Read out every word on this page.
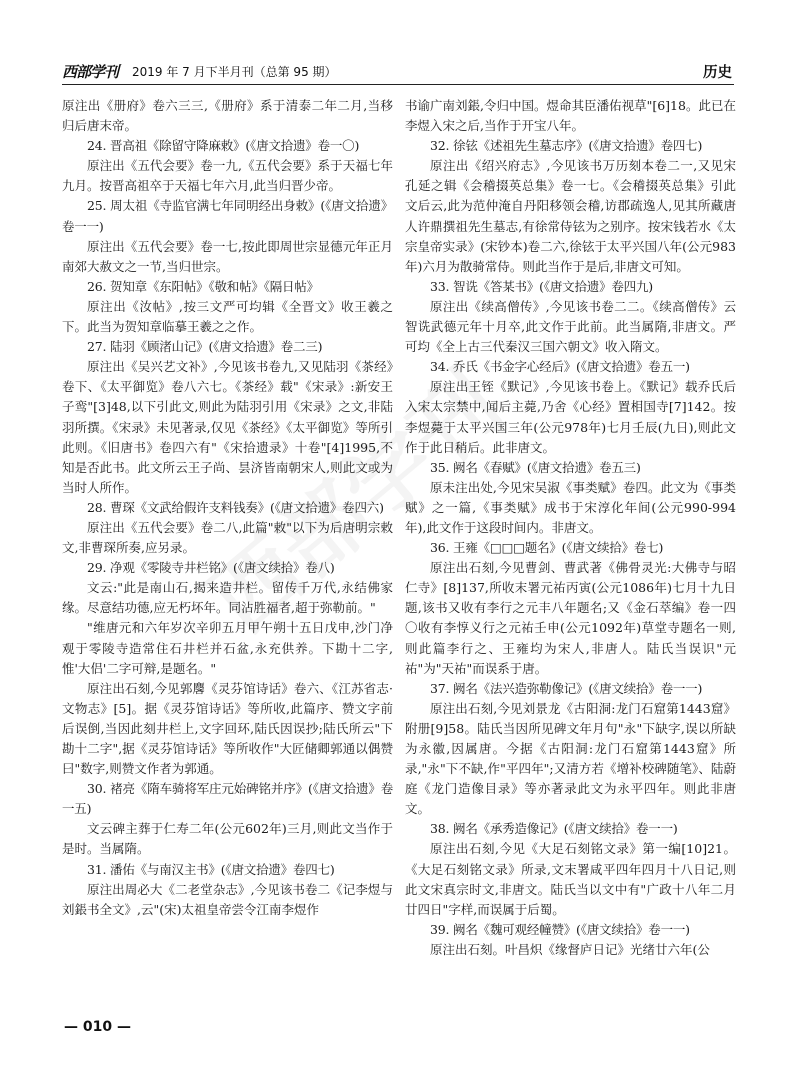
西部学刊 2019 年 7 月下半月刊（总第 95 期）	历史

原注出《册府》卷六三三,《册府》系于清泰二年二月,当移归后唐末帝。

24. 晋高祖《除留守降麻敕》(《唐文拾遗》卷一〇)

原注出《五代会要》卷一九,《五代会要》系于天福七年九月。按晋高祖卒于天福七年六月,此当归晋少帝。

25. 周太祖《寺监官满七年同明经出身敕》(《唐文拾遗》卷一一)

原注出《五代会要》卷一七,按此即周世宗显德元年正月南郊大赦文之一节,当归世宗。

26. 贺知章《东阳帖》《敬和帖》《隔日帖》

原注出《汝帖》,按三文严可均辑《全晋文》收王羲之下。此当为贺知章临摹王羲之之作。

27. 陆羽《顾渚山记》(《唐文拾遗》卷二三)

原注出《吴兴艺文补》,今见该书卷九,又见陆羽《茶经》卷下、《太平御览》卷八六七。《茶经》载"《宋录》:新安王子鸾"[3]48,以下引此文,则此为陆羽引用《宋录》之文,非陆羽所撰。《宋录》未见著录,仅见《茶经》《太平御览》等所引此则。《旧唐书》卷四六有"《宋拾遗录》十卷"[4]1995,不知是否此书。此文所云王子尚、昙济皆南朝宋人,则此文或为当时人所作。

28. 曹琛《文武给假许支料钱奏》(《唐文拾遗》卷四六)

原注出《五代会要》卷二八,此篇"敕"以下为后唐明宗敕文,非曹琛所奏,应另录。

29. 净观《零陵寺井栏铭》(《唐文续拾》卷八)

文云:"此是南山石,揭来造井栏。留传千万代,永结佛家缘。尽意结功德,应无朽坏年。同沾胜福者,超于弥勒前。"

"维唐元和六年岁次辛卯五月甲午朔十五日戊申,沙门净观于零陵寺造常住石井栏并石盆,永充供养。下勘十二字,惟'大侣'二字可辩,是题名。"

原注出石刻,今见郭麐《灵芬馆诗话》卷六、《江苏省志·文物志》[5]。据《灵芬馆诗话》等所收,此篇序、赞文字前后误倒,当因此刻井栏上,文字回环,陆氏因误抄;陆氏所云"下勘十二字",据《灵芬馆诗话》等所收作"大匠储卿郭通以偶赞曰"数字,则赞文作者为郭通。

30. 褚亮《隋车骑将军庄元始碑铭并序》(《唐文拾遗》卷一五)

文云碑主葬于仁寿二年(公元602年)三月,则此文当作于是时。当属隋。

31. 潘佑《与南汉主书》(《唐文拾遗》卷四七)

原注出周必大《二老堂杂志》,今见该书卷二《记李煜与刘鋹书全文》,云"(宋)太祖皇帝尝令江南李煜作

书谕广南刘鋹,令归中国。煜命其臣潘佑视草"[6]18。此已在李煜入宋之后,当作于开宝八年。

32. 徐铉《述祖先生墓志序》(《唐文拾遗》卷四七)

原注出《绍兴府志》,今见该书万历刻本卷二一,又见宋孔延之辑《会稽掇英总集》卷一七。《会稽掇英总集》引此文后云,此为范仲淹自丹阳移领会稽,访郡疏逸人,见其所藏唐人许鼎撰祖先生墓志,有徐常侍铉为之别序。按宋钱若水《太宗皇帝实录》(宋钞本)卷二六,徐铉于太平兴国八年(公元983年)六月为散骑常侍。则此当作于是后,非唐文可知。

33. 智诜《答某书》(《唐文拾遗》卷四九)

原注出《续高僧传》,今见该书卷二二。《续高僧传》云智诜武德元年十月卒,此文作于此前。此当属隋,非唐文。严可均《全上古三代秦汉三国六朝文》收入隋文。

34. 乔氏《书金字心经后》(《唐文拾遗》卷五一)

原注出王铚《默记》,今见该书卷上。《默记》载乔氏后入宋太宗禁中,闻后主薨,乃舍《心经》置相国寺[7]142。按李煜薨于太平兴国三年(公元978年)七月壬辰(九日),则此文作于此日稍后。此非唐文。

35. 阙名《春赋》(《唐文拾遗》卷五三)

原未注出处,今见宋吴淑《事类赋》卷四。此文为《事类赋》之一篇,《事类赋》成书于宋淳化年间(公元990-994年),此文作于这段时间内。非唐文。

36. 王雍《□□□题名》(《唐文续拾》卷七)

原注出石刻,今见曹剑、曹武著《佛骨灵光:大佛寺与昭仁寺》[8]137,所收末署元祐丙寅(公元1086年)七月十九日题,该书又收有李行之元丰八年题名;又《金石萃编》卷一四〇收有李惇义行之元祐壬申(公元1092年)草堂寺题名一则,则此篇李行之、王雍均为宋人,非唐人。陆氏当误识"元祐"为"天祐"而误系于唐。

37. 阙名《法兴造弥勒像记》(《唐文续拾》卷一一)

原注出石刻,今见刘景龙《古阳洞:龙门石窟第1443窟》附册[9]58。陆氏当因所见碑文年月句"永"下缺字,误以所缺为永徽,因属唐。今据《古阳洞:龙门石窟第1443窟》所录,"永"下不缺,作"平四年";又清方若《增补校碑随笔》、陆蔚庭《龙门造像目录》等亦著录此文为永平四年。则此非唐文。

38. 阙名《承秀造像记》(《唐文续拾》卷一一)

原注出石刻,今见《大足石刻铭文录》第一编[10]21。《大足石刻铭文录》所录,文末署咸平四年四月十八日记,则此文宋真宗时文,非唐文。陆氏当以文中有"广政十八年二月廿四日"字样,而误属于后蜀。

39. 阙名《魏可观经幢赞》(《唐文续拾》卷一一)

原注出石刻。叶昌炽《缘督庐日记》光绪廿六年(公

— 010 —
